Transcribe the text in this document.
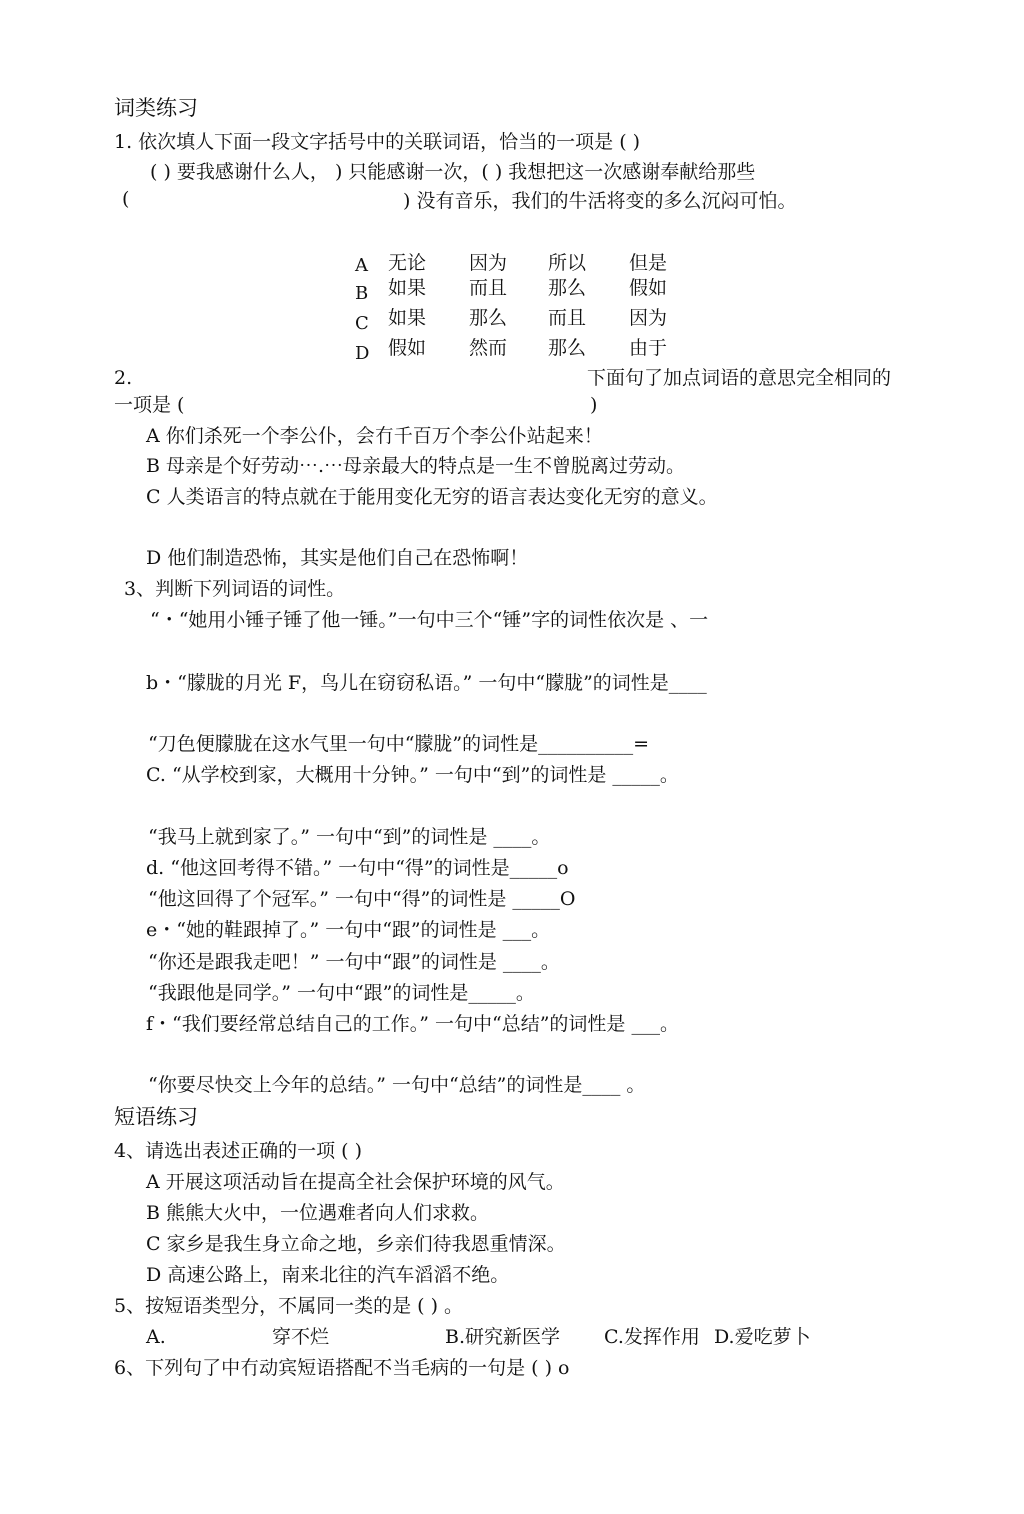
词类练习
1. 依次填人下面一段文字括号中的关联词语，恰当的一项是 ( )
( ) 要我感谢什么人， ) 只能感谢一次，( ) 我想把这一次感谢奉献给那些
(	) 没有音乐，我们的牛活将变的多么沉闷可怕。
A 无论 因为 所以 但是
B 如果 而且 那么 假如
C 如果 那么 而且 因为
D 假如 然而 那么 由于
2.	下面句了加点词语的意思完全相同的
一项是 (	)
A 你们杀死一个李公仆，会冇千百万个李公仆站起来！
B 母亲是个好劳动⋯.⋯母亲最大的特点是一生不曾脱离过劳动。
C 人类语言的特点就在于能用变化无穷的语言表达变化无穷的意义。
D 他们制造恐怖，其实是他们自己在恐怖啊！
3、判断下列词语的词性。
“・“她用小锤子锤了他一锤。”一句中三个“锤”字的词性依次是 、一
b・“朦胧的月光 F，鸟儿在窃窃私语。” 一句中“朦胧”的词性是____
“刀色便朦胧在这水气里一句中“朦胧”的词性是__________=
C. “从学校到家，大概用十分钟。” 一句中“到”的词性是 _____。
“我马上就到家了。” 一句中“到”的词性是 ____。
d. “他这回考得不错。” 一句中“得”的词性是_____o
“他这回得了个冠军。” 一句中“得”的词性是 _____O
e・“她的鞋跟掉了。” 一句中“跟”的词性是 ___。
“你还是跟我走吧！” 一句中“跟”的词性是 ____。
“我跟他是同学。” 一句中“跟”的词性是_____。
f・“我们要经常总结自己的工作。” 一句中“总结”的词性是 ___。
“你要尽快交上今年的总结。” 一句中“总结”的词性是____ 。
短语练习
4、请选出表述正确的一项 ( )
A 开展这项活动旨在提高全社会保护环境的风气。
B 熊熊大火中，一位遇难者向人们求救。
C 家乡是我生身立命之地，乡亲们待我恩重情深。
D 高速公路上，南来北往的汽车滔滔不绝。
5、按短语类型分，不属同一类的是 ( ) 。
A.	穿不烂	B.研究新医学 C.发挥作用 D.爱吃萝卜
6、下列句了中冇动宾短语搭配不当毛病的一句是 ( ) o
